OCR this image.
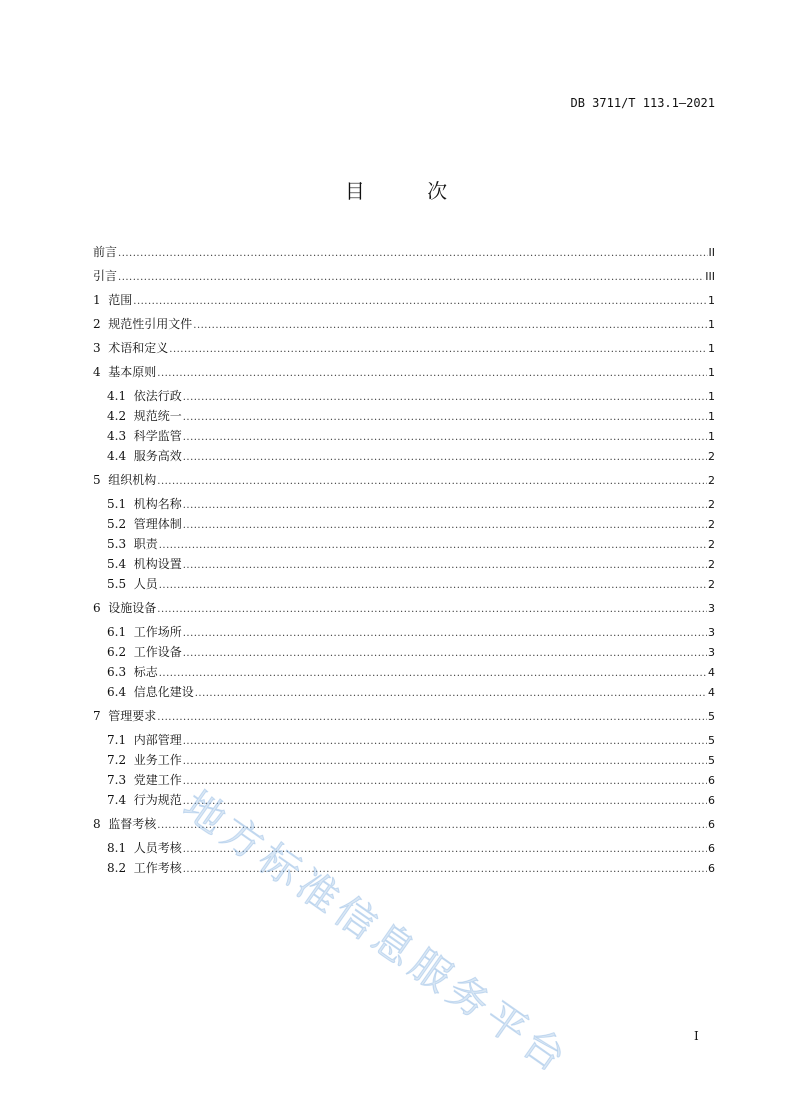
DB 3711/T 113.1—2021
目 次
前言 .....	II
引言 .....	III
1  范围 .....	1
2  规范性引用文件 .....	1
3  术语和定义 .....	1
4  基本原则 .....	1
4.1  依法行政 .....	1
4.2  规范统一 .....	1
4.3  科学监管 .....	1
4.4  服务高效 .....	2
5  组织机构 .....	2
5.1  机构名称 .....	2
5.2  管理体制 .....	2
5.3  职责 .....	2
5.4  机构设置 .....	2
5.5  人员 .....	2
6  设施设备 .....	3
6.1  工作场所 .....	3
6.2  工作设备 .....	3
6.3  标志 .....	4
6.4  信息化建设 .....	4
7  管理要求 .....	5
7.1  内部管理 .....	5
7.2  业务工作 .....	5
7.3  党建工作 .....	6
7.4  行为规范 .....	6
8  监督考核 .....	6
8.1  人员考核 .....	6
8.2  工作考核 .....	6
I
地方标准信息服务平台
